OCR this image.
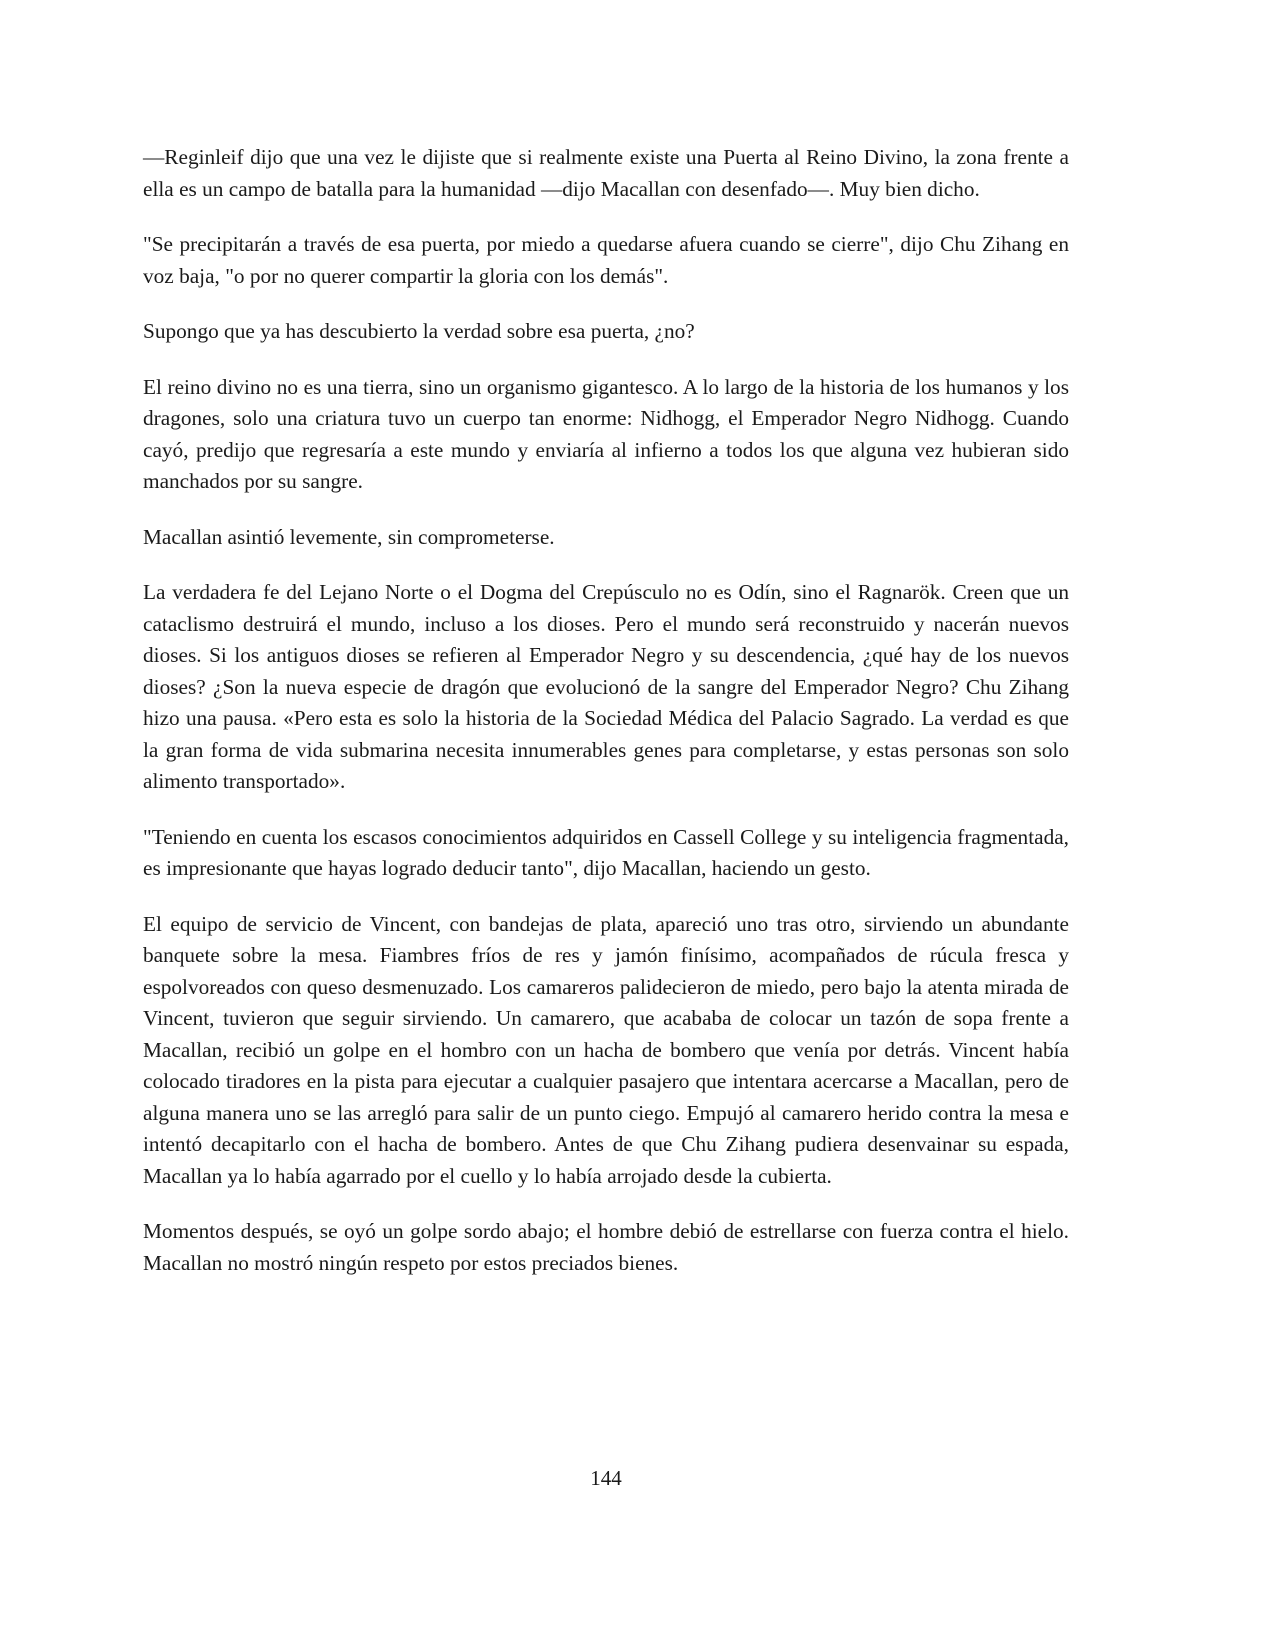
—Reginleif dijo que una vez le dijiste que si realmente existe una Puerta al Reino Divino, la zona frente a ella es un campo de batalla para la humanidad —dijo Macallan con desenfado—. Muy bien dicho.

"Se precipitarán a través de esa puerta, por miedo a quedarse afuera cuando se cierre", dijo Chu Zihang en voz baja, "o por no querer compartir la gloria con los demás".

Supongo que ya has descubierto la verdad sobre esa puerta, ¿no?

El reino divino no es una tierra, sino un organismo gigantesco. A lo largo de la historia de los humanos y los dragones, solo una criatura tuvo un cuerpo tan enorme: Nidhogg, el Emperador Negro Nidhogg. Cuando cayó, predijo que regresaría a este mundo y enviaría al infierno a todos los que alguna vez hubieran sido manchados por su sangre.

Macallan asintió levemente, sin comprometerse.

La verdadera fe del Lejano Norte o el Dogma del Crepúsculo no es Odín, sino el Ragnarök. Creen que un cataclismo destruirá el mundo, incluso a los dioses. Pero el mundo será reconstruido y nacerán nuevos dioses. Si los antiguos dioses se refieren al Emperador Negro y su descendencia, ¿qué hay de los nuevos dioses? ¿Son la nueva especie de dragón que evolucionó de la sangre del Emperador Negro? Chu Zihang hizo una pausa. «Pero esta es solo la historia de la Sociedad Médica del Palacio Sagrado. La verdad es que la gran forma de vida submarina necesita innumerables genes para completarse, y estas personas son solo alimento transportado».

"Teniendo en cuenta los escasos conocimientos adquiridos en Cassell College y su inteligencia fragmentada, es impresionante que hayas logrado deducir tanto", dijo Macallan, haciendo un gesto.

El equipo de servicio de Vincent, con bandejas de plata, apareció uno tras otro, sirviendo un abundante banquete sobre la mesa. Fiambres fríos de res y jamón finísimo, acompañados de rúcula fresca y espolvoreados con queso desmenuzado. Los camareros palidecieron de miedo, pero bajo la atenta mirada de Vincent, tuvieron que seguir sirviendo. Un camarero, que acababa de colocar un tazón de sopa frente a Macallan, recibió un golpe en el hombro con un hacha de bombero que venía por detrás. Vincent había colocado tiradores en la pista para ejecutar a cualquier pasajero que intentara acercarse a Macallan, pero de alguna manera uno se las arregló para salir de un punto ciego. Empujó al camarero herido contra la mesa e intentó decapitarlo con el hacha de bombero. Antes de que Chu Zihang pudiera desenvainar su espada, Macallan ya lo había agarrado por el cuello y lo había arrojado desde la cubierta.

Momentos después, se oyó un golpe sordo abajo; el hombre debió de estrellarse con fuerza contra el hielo. Macallan no mostró ningún respeto por estos preciados bienes.

144
